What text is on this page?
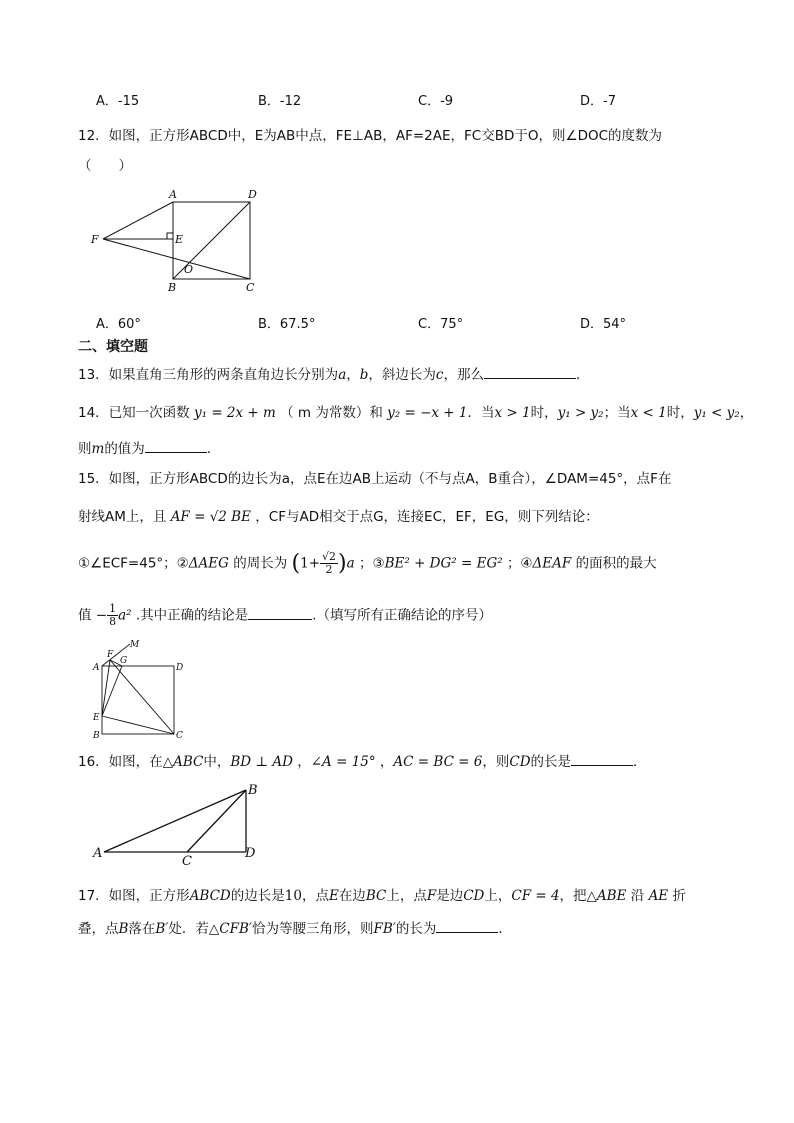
A．-15	B．-12	C．-9	D．-7
12．如图，正方形ABCD中，E为AB中点，FE⊥AB，AF=2AE，FC交BD于O，则∠DOC的度数为
（　　）
A	D
F	E
O
B	C
A．60°	B．67.5°	C．75°	D．54°
二、填空题
13．如果直角三角形的两条直角边长分别为a，b，斜边长为c，那么	．
14．已知一次函数 y₁ = 2x + m （ m 为常数）和 y₂ = −x + 1．当x > 1时，y₁ > y₂；当x < 1时，y₁ < y₂，
则m的值为	．
15．如图，正方形ABCD的边长为a，点E在边AB上运动（不与点A，B重合），∠DAM=45°，点F在
射线AM上，且 AF = √2 BE ，CF与AD相交于点G，连接EC，EF，EG，则下列结论：
①∠ECF=45°；②ΔAEG 的周长为 $(1+ \frac{√2}{2} )a$ ；③BE² + DG² = EG² ；④ΔEAF 的面积的最大
值 − $\frac{1}{8} a^2$ .其中正确的结论是	.（填写所有正确结论的序号）
M
F
G
A	D
E
B	C
16．如图，在△ABC中，BD ⊥ AD ，∠A = 15° ，AC = BC = 6，则CD的长是	．
A
B
C
D
17．如图，正方形ABCD的边长是10，点E在边BC上，点F是边CD上，CF = 4，把△ABE 沿 AE 折
叠，点B落在B′处．若△CFB′恰为等腰三角形，则FB′的长为	．
